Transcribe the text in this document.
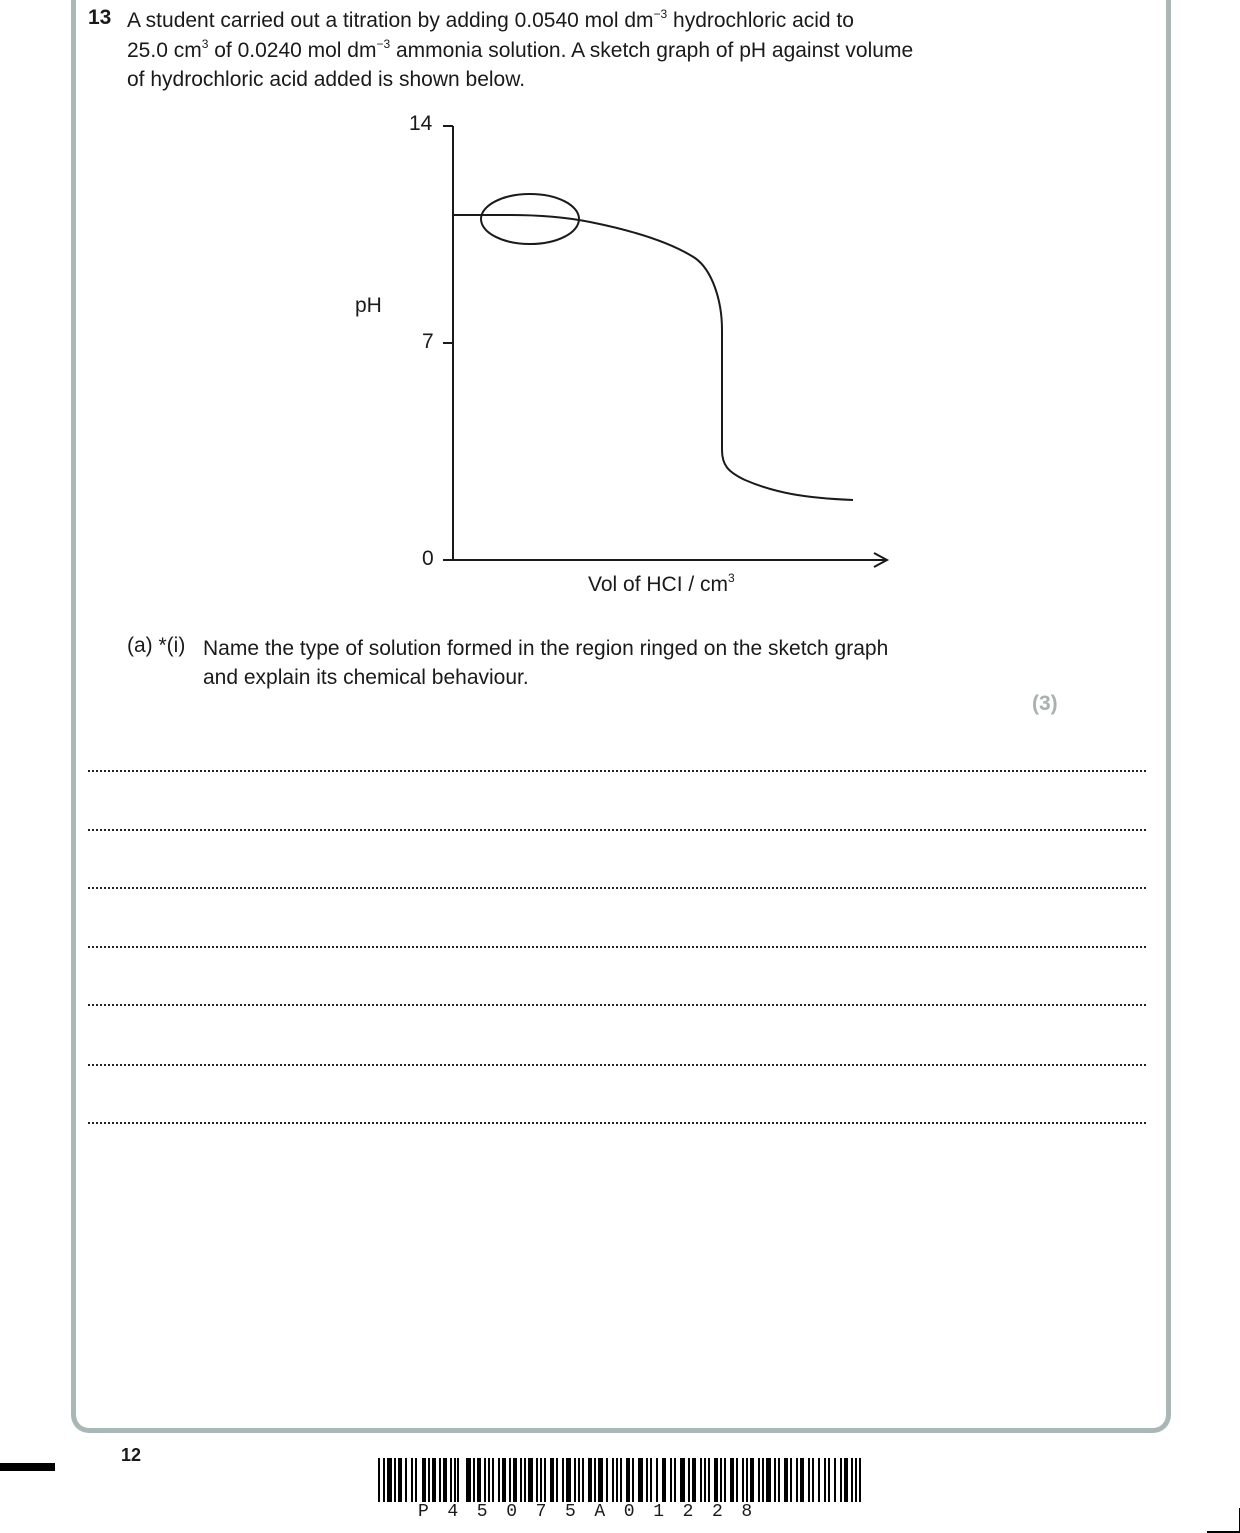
13 A student carried out a titration by adding 0.0540 mol $dm^{-3}$ hydrochloric acid to
25.0 $cm^3$ of 0.0240 mol $dm^{-3}$ ammonia solution. A sketch graph of pH against volume
of hydrochloric acid added is shown below.
14
7
0
pH
Vol of HCI / $cm^3$
(a) *(i) Name the type of solution formed in the region ringed on the sketch graph
and explain its chemical behaviour.
(3)
12
P45075A01228
